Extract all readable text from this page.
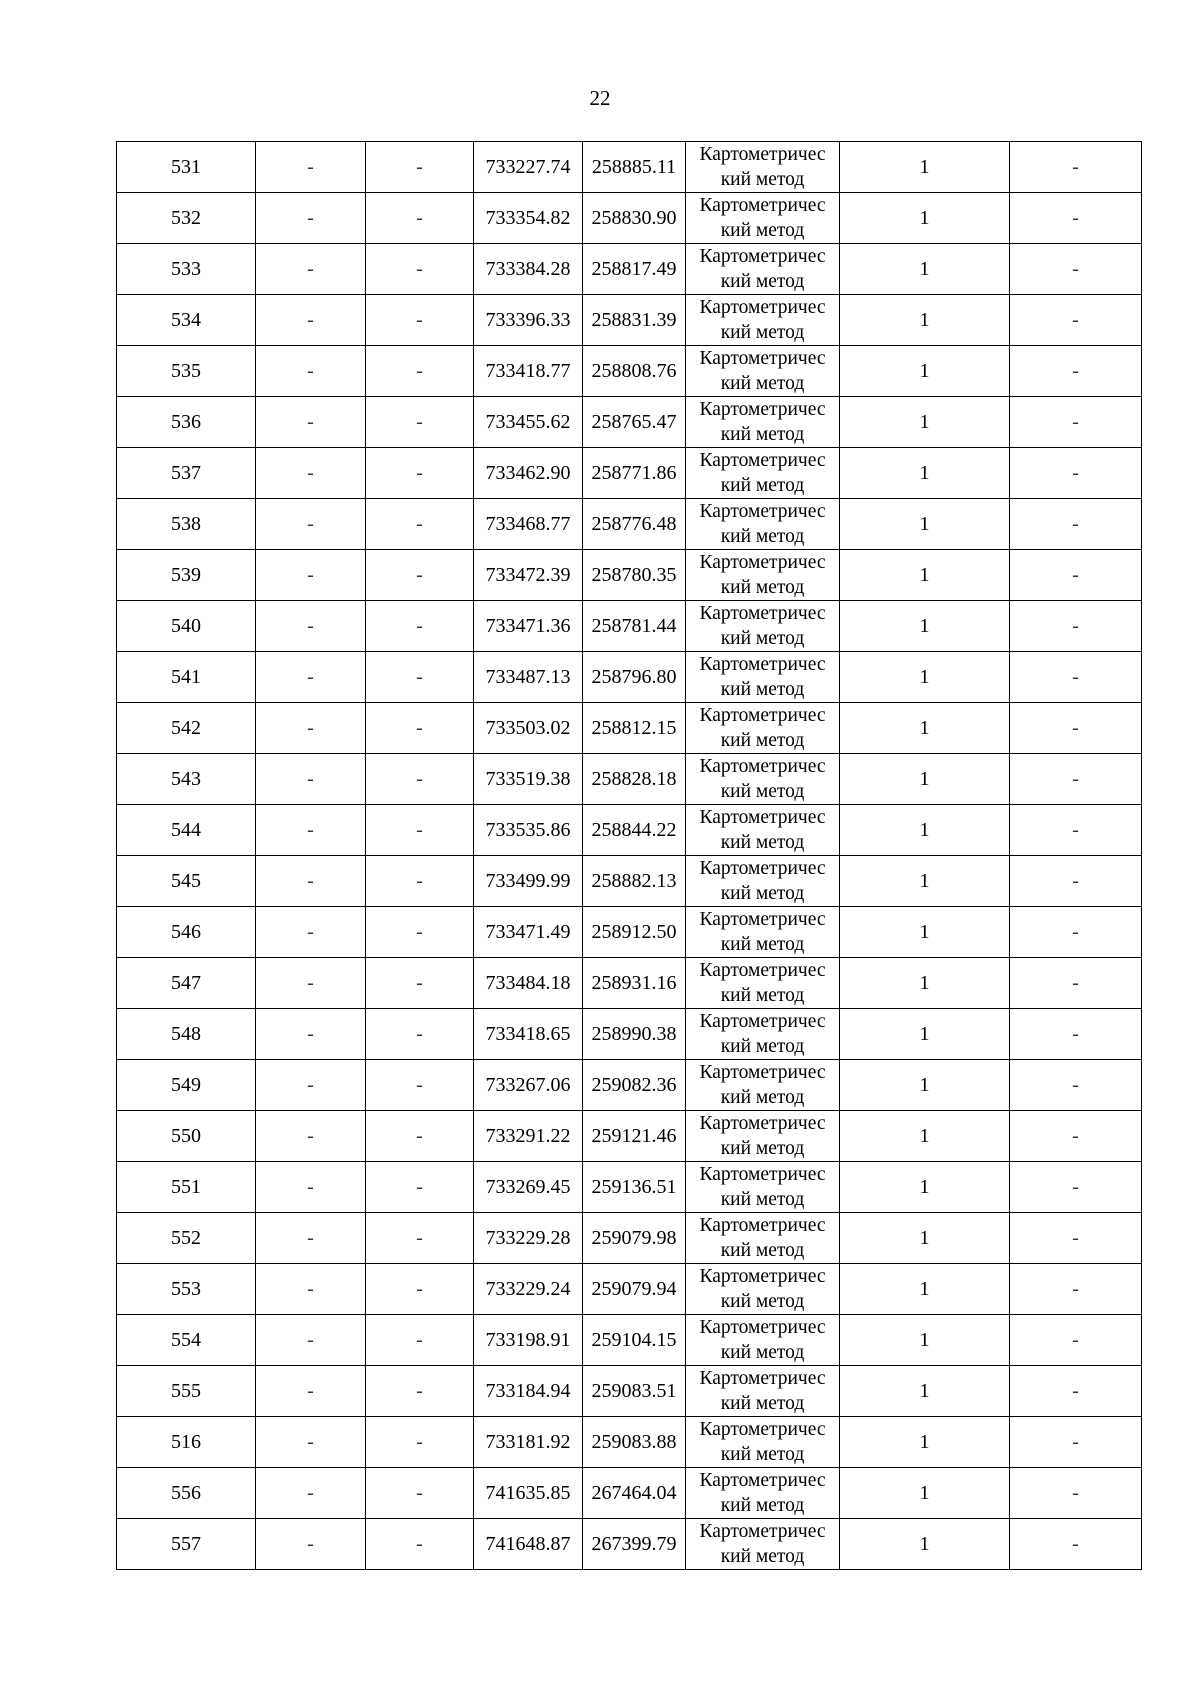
22
531	-	-	733227.74	258885.11	Картометричес
кий метод	1	-
532	-	-	733354.82	258830.90	Картометричес
кий метод	1	-
533	-	-	733384.28	258817.49	Картометричес
кий метод	1	-
534	-	-	733396.33	258831.39	Картометричес
кий метод	1	-
535	-	-	733418.77	258808.76	Картометричес
кий метод	1	-
536	-	-	733455.62	258765.47	Картометричес
кий метод	1	-
537	-	-	733462.90	258771.86	Картометричес
кий метод	1	-
538	-	-	733468.77	258776.48	Картометричес
кий метод	1	-
539	-	-	733472.39	258780.35	Картометричес
кий метод	1	-
540	-	-	733471.36	258781.44	Картометричес
кий метод	1	-
541	-	-	733487.13	258796.80	Картометричес
кий метод	1	-
542	-	-	733503.02	258812.15	Картометричес
кий метод	1	-
543	-	-	733519.38	258828.18	Картометричес
кий метод	1	-
544	-	-	733535.86	258844.22	Картометричес
кий метод	1	-
545	-	-	733499.99	258882.13	Картометричес
кий метод	1	-
546	-	-	733471.49	258912.50	Картометричес
кий метод	1	-
547	-	-	733484.18	258931.16	Картометричес
кий метод	1	-
548	-	-	733418.65	258990.38	Картометричес
кий метод	1	-
549	-	-	733267.06	259082.36	Картометричес
кий метод	1	-
550	-	-	733291.22	259121.46	Картометричес
кий метод	1	-
551	-	-	733269.45	259136.51	Картометричес
кий метод	1	-
552	-	-	733229.28	259079.98	Картометричес
кий метод	1	-
553	-	-	733229.24	259079.94	Картометричес
кий метод	1	-
554	-	-	733198.91	259104.15	Картометричес
кий метод	1	-
555	-	-	733184.94	259083.51	Картометричес
кий метод	1	-
516	-	-	733181.92	259083.88	Картометричес
кий метод	1	-
556	-	-	741635.85	267464.04	Картометричес
кий метод	1	-
557	-	-	741648.87	267399.79	Картометричес
кий метод	1	-
